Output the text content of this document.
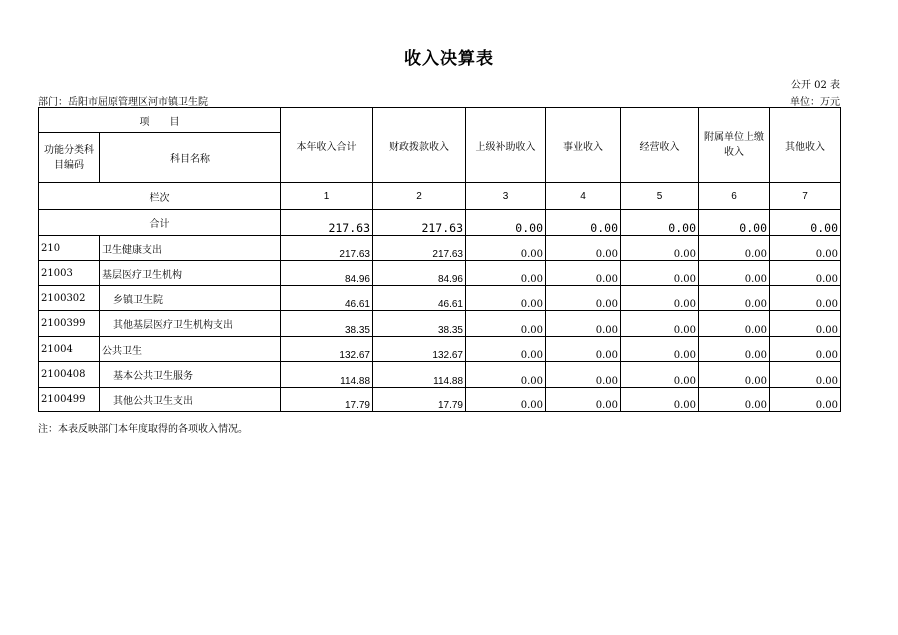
收入决算表
公开 02 表
部门：岳阳市屈原管理区河市镇卫生院	单位：万元
项　　目		本年收入合计	财政拨款收入	上级补助收入	事业收入	经营收入	附属单位上缴收入	其他收入
功能分类科目编码	科目名称							
栏次		1	2	3	4	5	6	7
合计		217.63	217.63	0.00	0.00	0.00	0.00	0.00
210	卫生健康支出	217.63	217.63	0.00	0.00	0.00	0.00	0.00
21003	基层医疗卫生机构	84.96	84.96	0.00	0.00	0.00	0.00	0.00
2100302	乡镇卫生院	46.61	46.61	0.00	0.00	0.00	0.00	0.00
2100399	其他基层医疗卫生机构支出	38.35	38.35	0.00	0.00	0.00	0.00	0.00
21004	公共卫生	132.67	132.67	0.00	0.00	0.00	0.00	0.00
2100408	基本公共卫生服务	114.88	114.88	0.00	0.00	0.00	0.00	0.00
2100499	其他公共卫生支出	17.79	17.79	0.00	0.00	0.00	0.00	0.00
注：本表反映部门本年度取得的各项收入情况。
